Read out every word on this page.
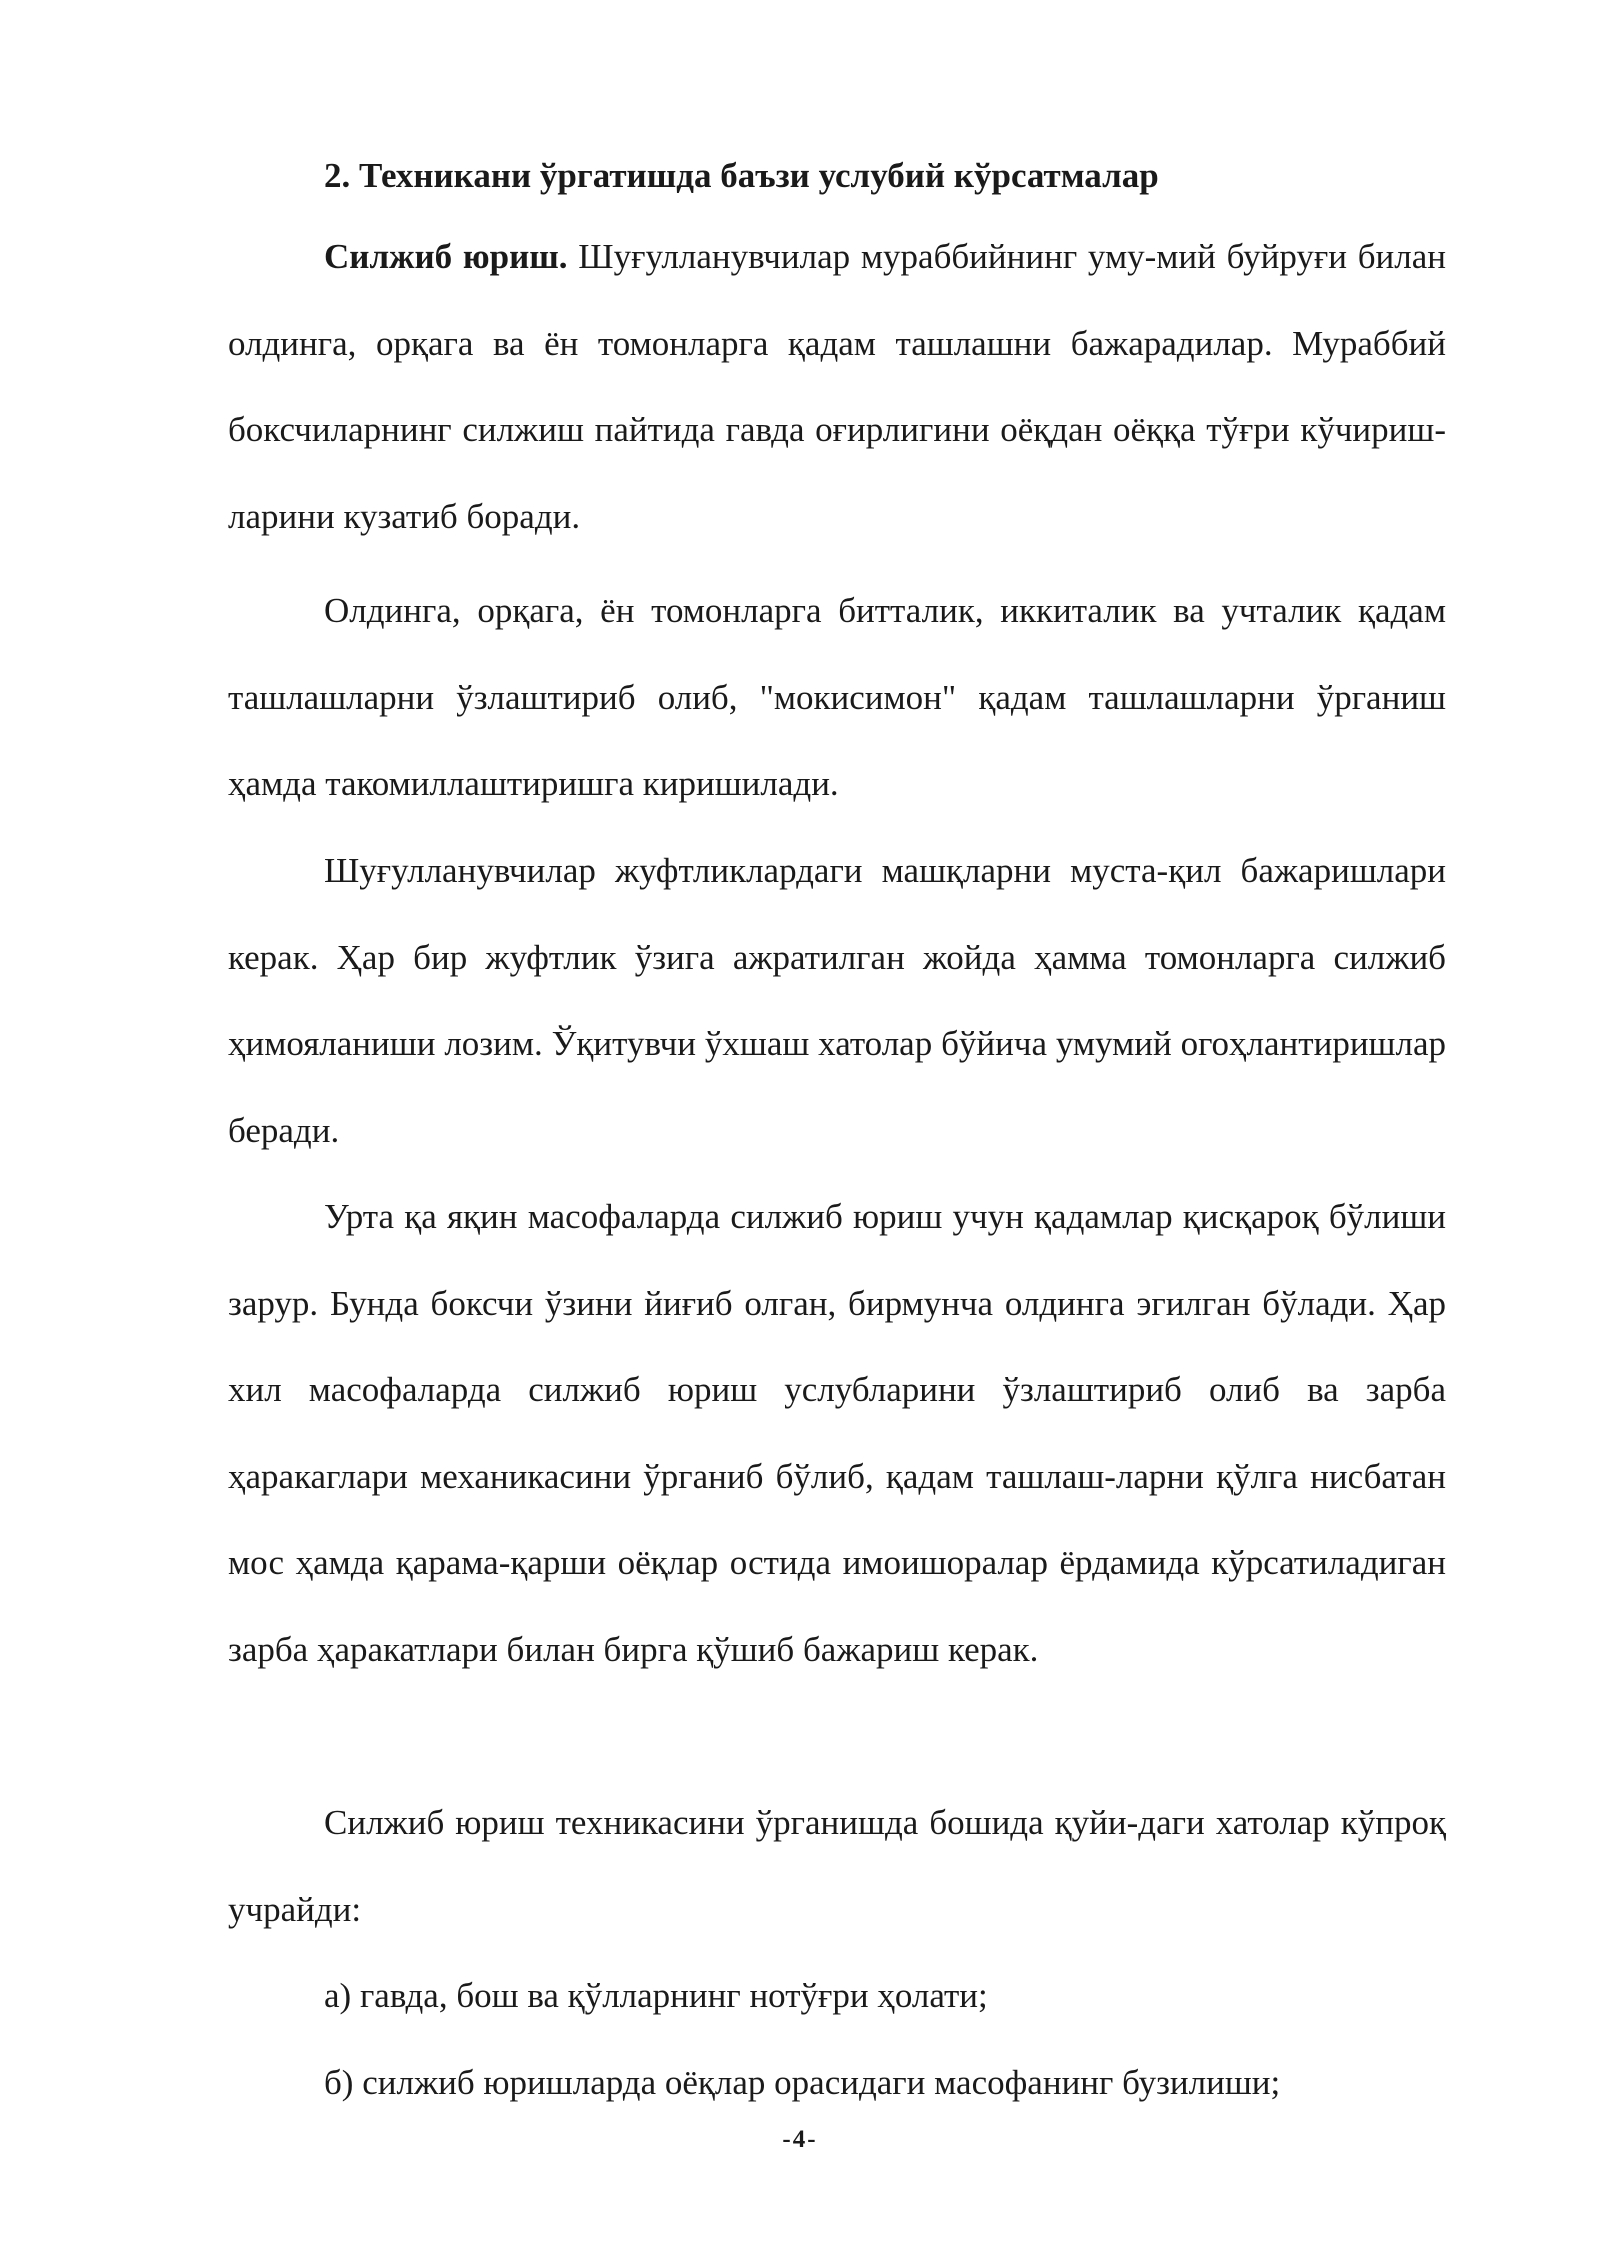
2. Техникани ўргатишда баъзи услубий кўрсатмалар

Силжиб юриш. Шуғулланувчилар мураббийнинг уму-мий буйруғи билан олдинга, орқага ва ён томонларга қадам ташлашни бажарадилар. Мураббий боксчиларнинг силжиш пайтида гавда оғирлигини оёқдан оёққа тўғри кўчириш-ларини кузатиб боради.

Олдинга, орқага, ён томонларга битталик, иккиталик ва учталик қадам ташлашларни ўзлаштириб олиб, "мокисимон" қадам ташлашларни ўрганиш ҳамда такомиллаштиришга киришилади.

Шуғулланувчилар жуфтликлардаги машқларни муста-қил бажаришлари керак. Ҳар бир жуфтлик ўзига ажратилган жойда ҳамма томонларга силжиб ҳимояланиши лозим. Ўқитувчи ўхшаш хатолар бўйича умумий огоҳлантиришлар беради.

Урта қа яқин масофаларда силжиб юриш учун қадамлар қисқароқ бўлиши зарур. Бунда боксчи ўзини йиғиб олган, бирмунча олдинга эгилган бўлади. Ҳар хил масофаларда силжиб юриш услубларини ўзлаштириб олиб ва зарба ҳаракаглари механикасини ўрганиб бўлиб, қадам ташлаш-ларни қўлга нисбатан мос ҳамда қарама-қарши оёқлар остида имоишоралар ёрдамида кўрсатиладиган зарба ҳаракатлари билан бирга қўшиб бажариш керак.

Силжиб юриш техникасини ўрганишда бошида қуйи-даги хатолар кўпроқ учрайди:

а) гавда, бош ва қўлларнинг нотўғри ҳолати;

б) силжиб юришларда оёқлар орасидаги масофанинг бузилиши;

-4-
